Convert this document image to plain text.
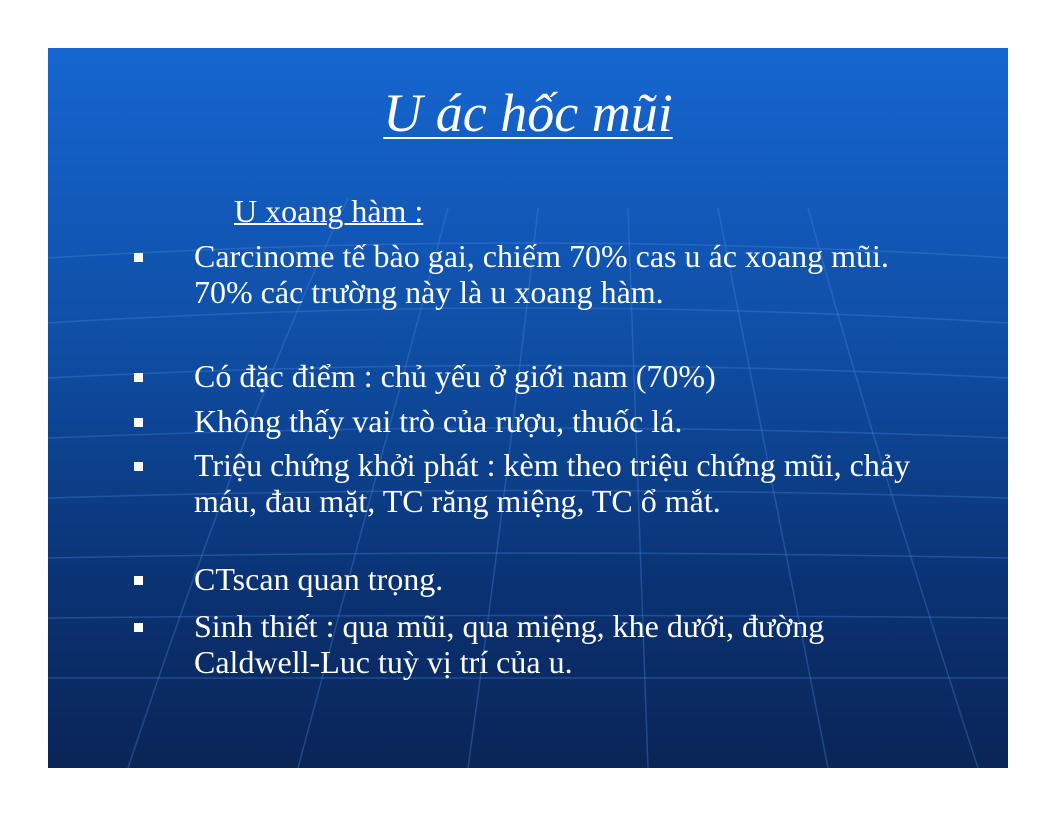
U ác hốc mũi
U xoang hàm :
Carcinome tế bào gai, chiếm 70% cas u ác xoang mũi. 70% các trường này là u xoang hàm.
Có đặc điểm : chủ yếu ở giới nam (70%)
Không thấy vai trò của rượu, thuốc lá.
Triệu chứng khởi phát : kèm theo triệu chứng mũi, chảy máu, đau mặt, TC răng miệng, TC ổ mắt.
CTscan quan trọng.
Sinh thiết : qua mũi, qua miệng, khe dưới, đường Caldwell-Luc tuỳ vị trí của u.
